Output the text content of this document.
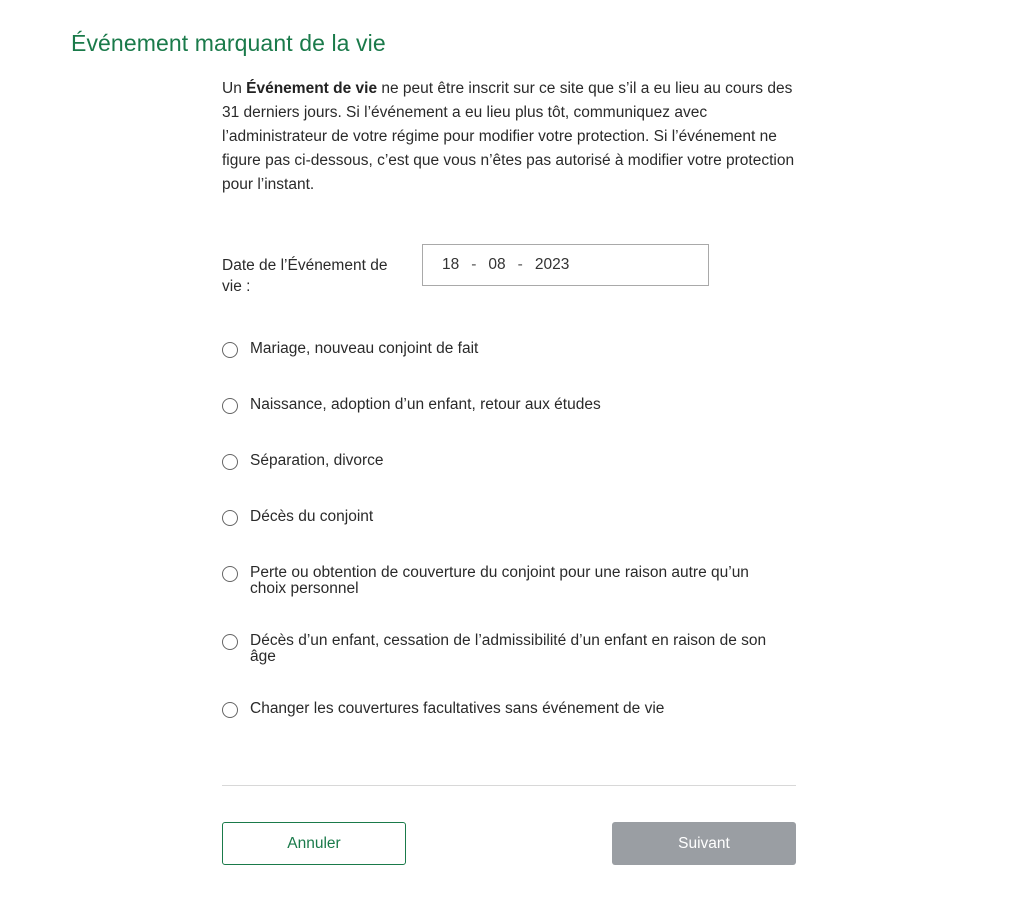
Événement marquant de la vie

Un Événement de vie ne peut être inscrit sur ce site que s’il a eu lieu au cours des 31 derniers jours. Si l’événement a eu lieu plus tôt, communiquez avec l’administrateur de votre régime pour modifier votre protection. Si l’événement ne figure pas ci-dessous, c’est que vous n’êtes pas autorisé à modifier votre protection pour l’instant.

Date de l’Événement de vie :
18 - 08 - 2023
Mariage, nouveau conjoint de fait
Naissance, adoption d’un enfant, retour aux études
Séparation, divorce
Décès du conjoint
Perte ou obtention de couverture du conjoint pour une raison autre qu’un choix personnel
Décès d’un enfant, cessation de l’admissibilité d’un enfant en raison de son âge
Changer les couvertures facultatives sans événement de vie
Annuler	Suivant
